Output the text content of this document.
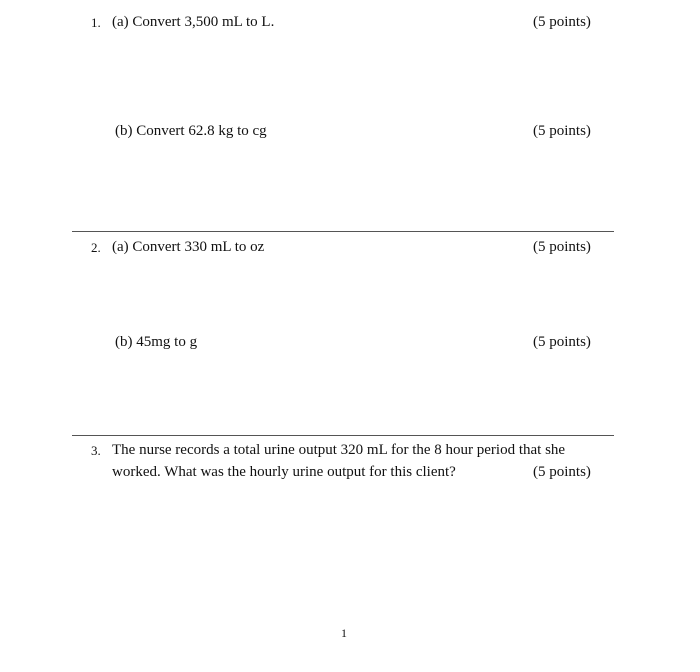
1. (a) Convert 3,500 mL to L.	(5 points)
(b) Convert 62.8 kg to cg	(5 points)
2. (a) Convert 330 mL to oz	(5 points)
(b) 45mg to g	(5 points)
3. The nurse records a total urine output 320 mL for the 8 hour period that she
worked. What was the hourly urine output for this client?	(5 points)
1
